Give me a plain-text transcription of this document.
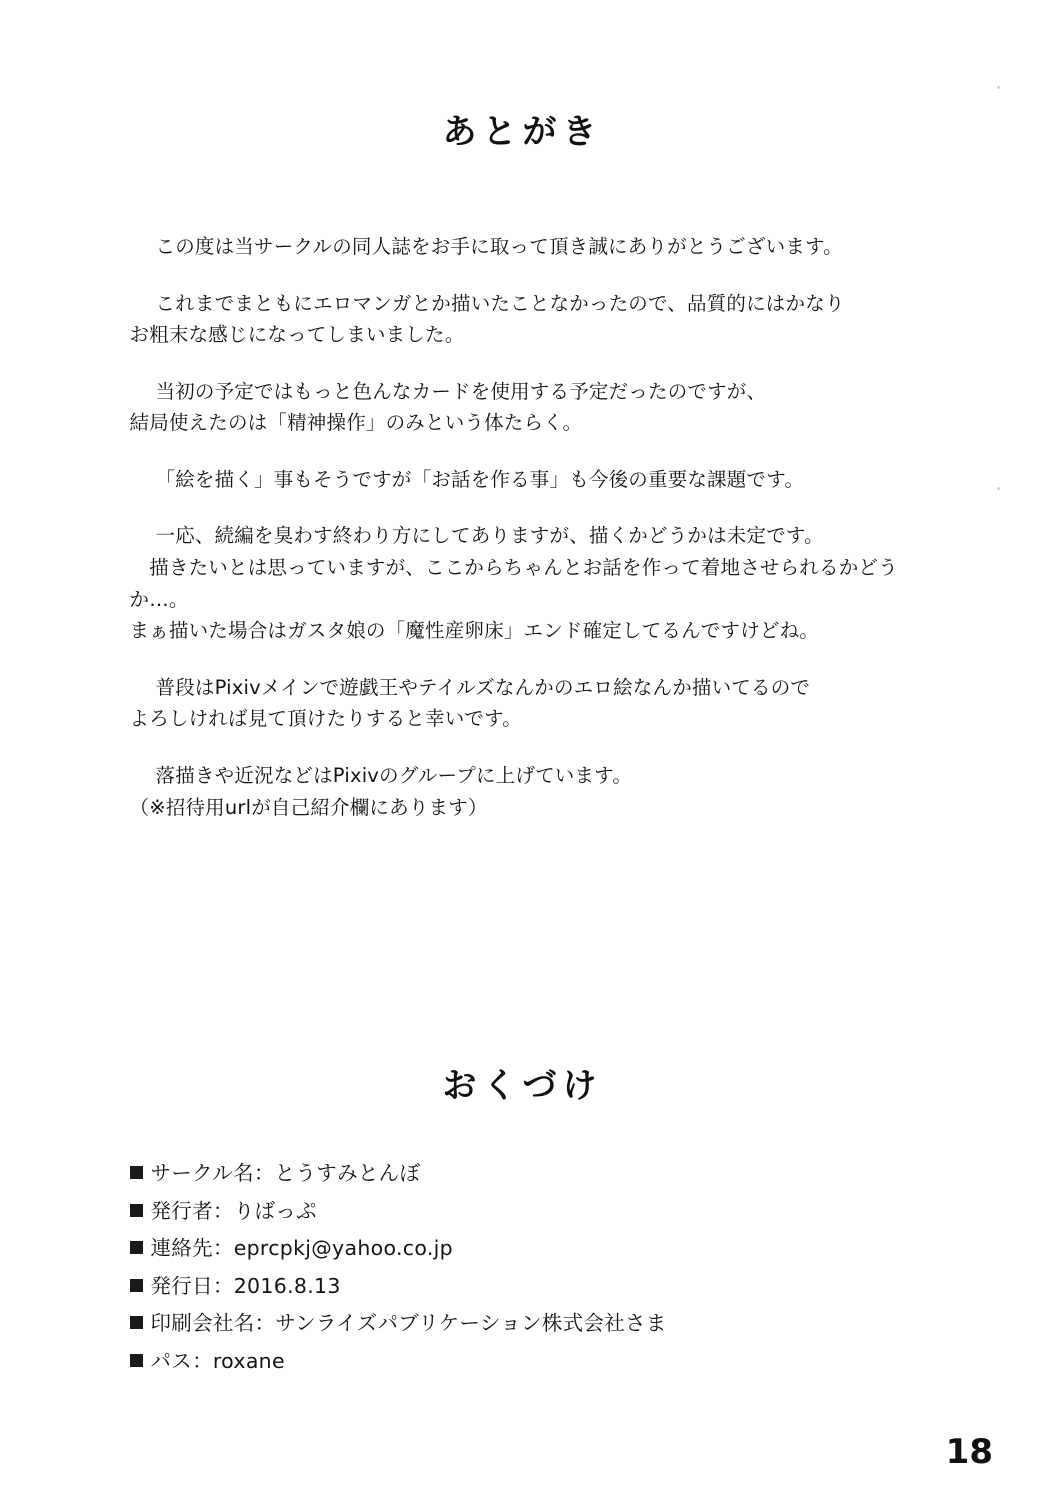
あとがき

この度は当サークルの同人誌をお手に取って頂き誠にありがとうございます。

これまでまともにエロマンガとか描いたことなかったので、品質的にはかなり
お粗末な感じになってしまいました。

当初の予定ではもっと色んなカードを使用する予定だったのですが、
結局使えたのは「精神操作」のみという体たらく。

「絵を描く」事もそうですが「お話を作る事」も今後の重要な課題です。

一応、続編を臭わす終わり方にしてありますが、描くかどうかは未定です。
　描きたいとは思っていますが、ここからちゃんとお話を作って着地させられるかどうか…。
まぁ描いた場合はガスタ娘の「魔性産卵床」エンド確定してるんですけどね。

普段はPixivメインで遊戯王やテイルズなんかのエロ絵なんか描いてるので
よろしければ見て頂けたりすると幸いです。

落描きや近況などはPixivのグループに上げています。
（※招待用urlが自己紹介欄にあります）

おくづけ
サークル名：とうすみとんぼ
発行者：りばっぷ
連絡先：eprcpkj@yahoo.co.jp
発行日：2016.8.13
印刷会社名：サンライズパブリケーション株式会社さま
パス：roxane
18
